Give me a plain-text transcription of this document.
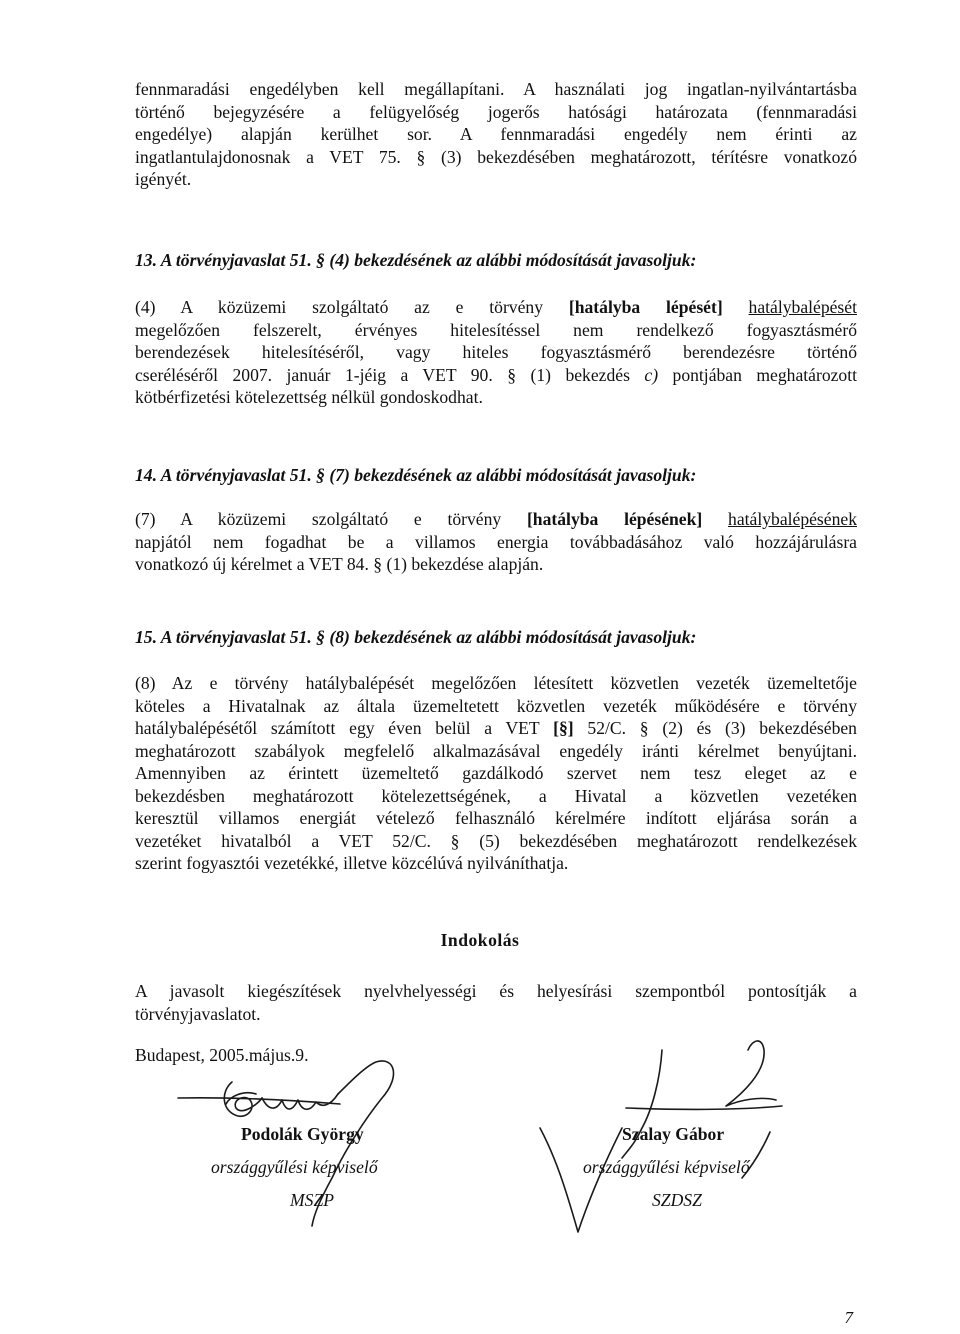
fennmaradási engedélyben kell megállapítani. A használati jog ingatlan-nyilvántartásba
történő bejegyzésére a felügyelőség jogerős hatósági határozata (fennmaradási
engedélye) alapján kerülhet sor. A fennmaradási engedély nem érinti az
ingatlantulajdonosnak a VET 75. § (3) bekezdésében meghatározott, térítésre vonatkozó
igényét.
13. A törvényjavaslat 51. § (4) bekezdésének az alábbi módosítását javasoljuk:
(4) A közüzemi szolgáltató az e törvény [hatályba lépését] hatálybalépését
megelőzően felszerelt, érvényes hitelesítéssel nem rendelkező fogyasztásmérő
berendezések hitelesítéséről, vagy hiteles fogyasztásmérő berendezésre történő
cseréléséről 2007. január 1-jéig a VET 90. § (1) bekezdés c) pontjában meghatározott
kötbérfizetési kötelezettség nélkül gondoskodhat.
14. A törvényjavaslat 51. § (7) bekezdésének az alábbi módosítását javasoljuk:
(7) A közüzemi szolgáltató e törvény [hatályba lépésének] hatálybalépésének
napjától nem fogadhat be a villamos energia továbbadásához való hozzájárulásra
vonatkozó új kérelmet a VET 84. § (1) bekezdése alapján.
15. A törvényjavaslat 51. § (8) bekezdésének az alábbi módosítását javasoljuk:
(8) Az e törvény hatálybalépését megelőzően létesített közvetlen vezeték üzemeltetője
köteles a Hivatalnak az általa üzemeltetett közvetlen vezeték működésére e törvény
hatálybalépésétől számított egy éven belül a VET [§] 52/C. § (2) és (3) bekezdésében
meghatározott szabályok megfelelő alkalmazásával engedély iránti kérelmet benyújtani.
Amennyiben az érintett üzemeltető gazdálkodó szervet nem tesz eleget az e
bekezdésben meghatározott kötelezettségének, a Hivatal a közvetlen vezetéken
keresztül villamos energiát vételező felhasználó kérelmére indított eljárása során a
vezetéket hivatalból a VET 52/C. § (5) bekezdésében meghatározott rendelkezések
szerint fogyasztói vezetékké, illetve közcélúvá nyilváníthatja.
Indokolás
A javasolt kiegészítések nyelvhelyességi és helyesírási szempontból pontosítják a
törvényjavaslatot.
Budapest, 2005.május.9.
Podolák György
országgyűlési képviselő
MSZP
Szalay Gábor
országgyűlési képviselő
SZDSZ
7
